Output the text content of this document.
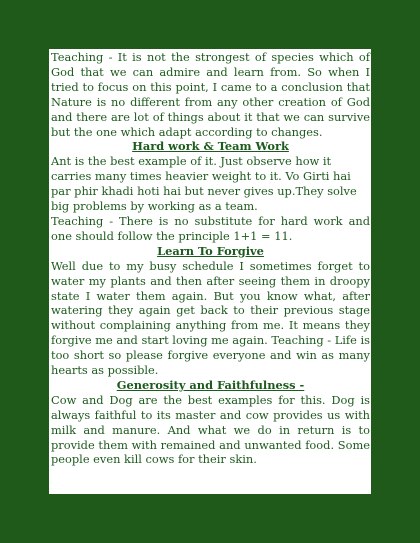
Teaching - It is not the strongest of species which of God that we can admire and learn from. So when I tried to focus on this point, I came to a conclusion that Nature is no different from any other creation of God and there are lot of things about it that we can survive but the one which adapt according to changes.

Hard work & Team Work

Ant is the best example of it. Just observe how it carries many times heavier weight to it. Vo Girti hai par phir khadi hoti hai but never gives up.They solve big problems by working as a team.

Teaching - There is no substitute for hard work and one should follow the principle 1+1 = 11.

Learn To Forgive

Well due to my busy schedule I sometimes forget to water my plants and then after seeing them in droopy state I water them again. But you know what, after watering they again get back to their previous stage without complaining anything from me. It means they forgive me and start loving me again. Teaching - Life is too short so please forgive everyone and win as many hearts as possible.

Generosity and Faithfulness -

Cow and Dog are the best examples for this. Dog is always faithful to its master and cow provides us with milk and manure. And what we do in return is to provide them with remained and unwanted food. Some people even kill cows for their skin.
